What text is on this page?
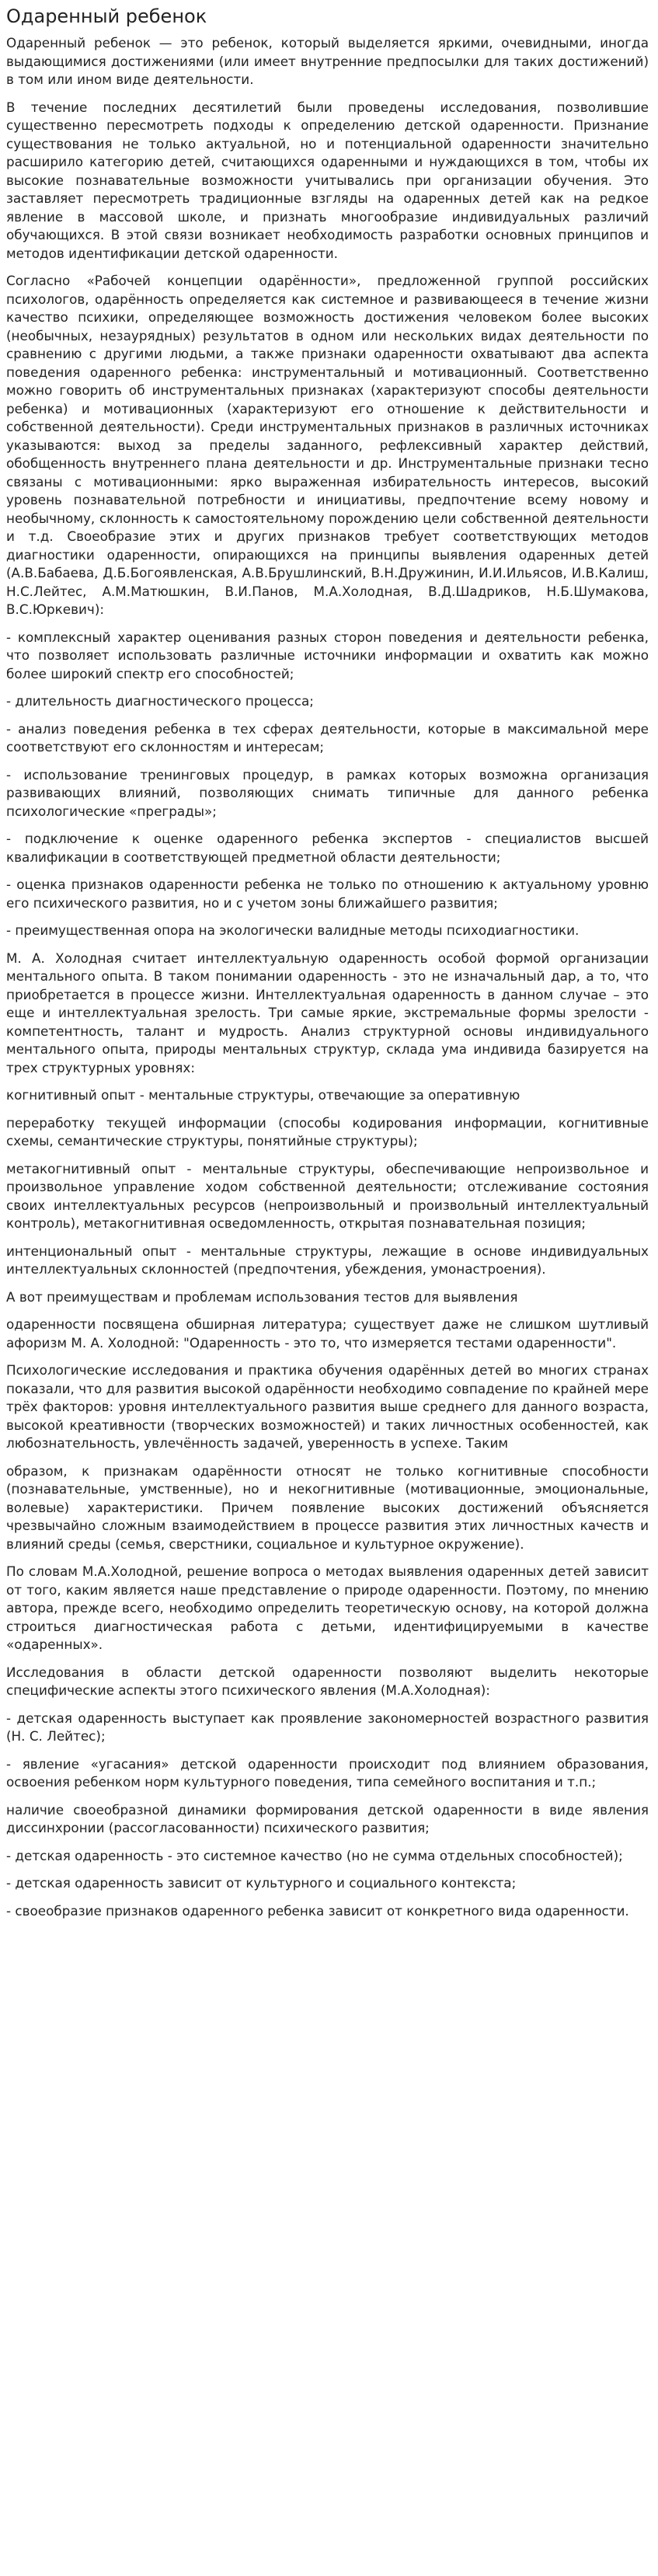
Одаренный ребенок

Одаренный ребенок — это ребенок, который выделяется яркими, очевидными, иногда выдающимися достижениями (или имеет внутренние предпосылки для таких достижений) в том или ином виде деятельности.

В течение последних десятилетий были проведены исследования, позволившие существенно пересмотреть подходы к определению детской одаренности. Признание существования не только актуальной, но и потенциальной одаренности значительно расширило категорию детей, считающихся одаренными и нуждающихся в том, чтобы их высокие познавательные возможности учитывались при организации обучения. Это заставляет пересмотреть традиционные взгляды на одаренных детей как на редкое явление в массовой школе, и признать многообразие индивидуальных различий обучающихся. В этой связи возникает необходимость разработки основных принципов и методов идентификации детской одаренности.

Согласно «Рабочей концепции одарённости», предложенной группой российских психологов, одарённость определяется как системное и развивающееся в течение жизни качество психики, определяющее возможность достижения человеком более высоких (необычных, незаурядных) результатов в одном или нескольких видах деятельности по сравнению с другими людьми, а также признаки одаренности охватывают два аспекта поведения одаренного ребенка: инструментальный и мотивационный. Соответственно можно говорить об инструментальных признаках (характеризуют способы деятельности ребенка) и мотивационных (характеризуют его отношение к действительности и собственной деятельности). Среди инструментальных признаков в различных источниках указываются: выход за пределы заданного, рефлексивный характер действий, обобщенность внутреннего плана деятельности и др. Инструментальные признаки тесно связаны с мотивационными: ярко выраженная избирательность интересов, высокий уровень познавательной потребности и инициативы, предпочтение всему новому и необычному, склонность к самостоятельному порождению цели собственной деятельности и т.д. Своеобразие этих и других признаков требует соответствующих методов диагностики одаренности, опирающихся на принципы выявления одаренных детей (А.В.Бабаева, Д.Б.Богоявленская, А.В.Брушлинский, В.Н.Дружинин, И.И.Ильясов, И.В.Калиш, Н.С.Лейтес, А.М.Матюшкин, В.И.Панов, М.А.Холодная, В.Д.Шадриков, Н.Б.Шумакова, В.С.Юркевич):

- комплексный характер оценивания разных сторон поведения и деятельности ребенка, что позволяет использовать различные источники информации и охватить как можно более широкий спектр его способностей;

- длительность диагностического процесса;

- анализ поведения ребенка в тех сферах деятельности, которые в максимальной мере соответствуют его склонностям и интересам;

- использование тренинговых процедур, в рамках которых возможна организация развивающих влияний, позволяющих снимать типичные для данного ребенка психологические «преграды»;

- подключение к оценке одаренного ребенка экспертов - специалистов высшей квалификации в соответствующей предметной области деятельности;

- оценка признаков одаренности ребенка не только по отношению к актуальному уровню его психического развития, но и с учетом зоны ближайшего развития;

- преимущественная опора на экологически валидные методы психодиагностики.

М. А. Холодная считает интеллектуальную одаренность особой формой организации ментального опыта. В таком понимании одаренность - это не изначальный дар, а то, что приобретается в процессе жизни. Интеллектуальная одаренность в данном случае – это еще и интеллектуальная зрелость. Три самые яркие, экстремальные формы зрелости - компетентность, талант и мудрость. Анализ структурной основы индивидуального ментального опыта, природы ментальных структур, склада ума индивида базируется на трех структурных уровнях:

когнитивный опыт - ментальные структуры, отвечающие за оперативную

переработку текущей информации (способы кодирования информации, когнитивные схемы, семантические структуры, понятийные структуры);

метакогнитивный опыт - ментальные структуры, обеспечивающие непроизвольное и произвольное управление ходом собственной деятельности; отслеживание состояния своих интеллектуальных ресурсов (непроизвольный и произвольный интеллектуальный контроль), метакогнитивная осведомленность, открытая познавательная позиция;

интенциональный опыт - ментальные структуры, лежащие в основе индивидуальных интеллектуальных склонностей (предпочтения, убеждения, умонастроения).

А вот преимуществам и проблемам использования тестов для выявления

одаренности посвящена обширная литература; существует даже не слишком шутливый афоризм М. А. Холодной: "Одаренность - это то, что измеряется тестами одаренности".

Психологические исследования и практика обучения одарённых детей во многих странах показали, что для развития высокой одарённости необходимо совпадение по крайней мере трёх факторов: уровня интеллектуального развития выше среднего для данного возраста, высокой креативности (творческих возможностей) и таких личностных особенностей, как любознательность, увлечённость задачей, уверенность в успехе. Таким

образом, к признакам одарённости относят не только когнитивные способности (познавательные, умственные), но и некогнитивные (мотивационные, эмоциональные, волевые) характеристики. Причем появление высоких достижений объясняется чрезвычайно сложным взаимодействием в процессе развития этих личностных качеств и влияний среды (семья, сверстники, социальное и культурное окружение).

По словам М.А.Холодной, решение вопроса о методах выявления одаренных детей зависит от того, каким является наше представление о природе одаренности. Поэтому, по мнению автора, прежде всего, необходимо определить теоретическую основу, на которой должна строиться диагностическая работа с детьми, идентифицируемыми в качестве «одаренных».

Исследования в области детской одаренности позволяют выделить некоторые специфические аспекты этого психического явления (М.А.Холодная):

- детская одаренность выступает как проявление закономерностей возрастного развития (Н. С. Лейтес);

- явление «угасания» детской одаренности происходит под влиянием образования, освоения ребенком норм культурного поведения, типа семейного воспитания и т.п.;

наличие своеобразной динамики формирования детской одаренности в виде явления диссинхронии (рассогласованности) психического развития;

- детская одаренность - это системное качество (но не сумма отдельных способностей);

- детская одаренность зависит от культурного и социального контекста;

- своеобразие признаков одаренного ребенка зависит от конкретного вида одаренности.
